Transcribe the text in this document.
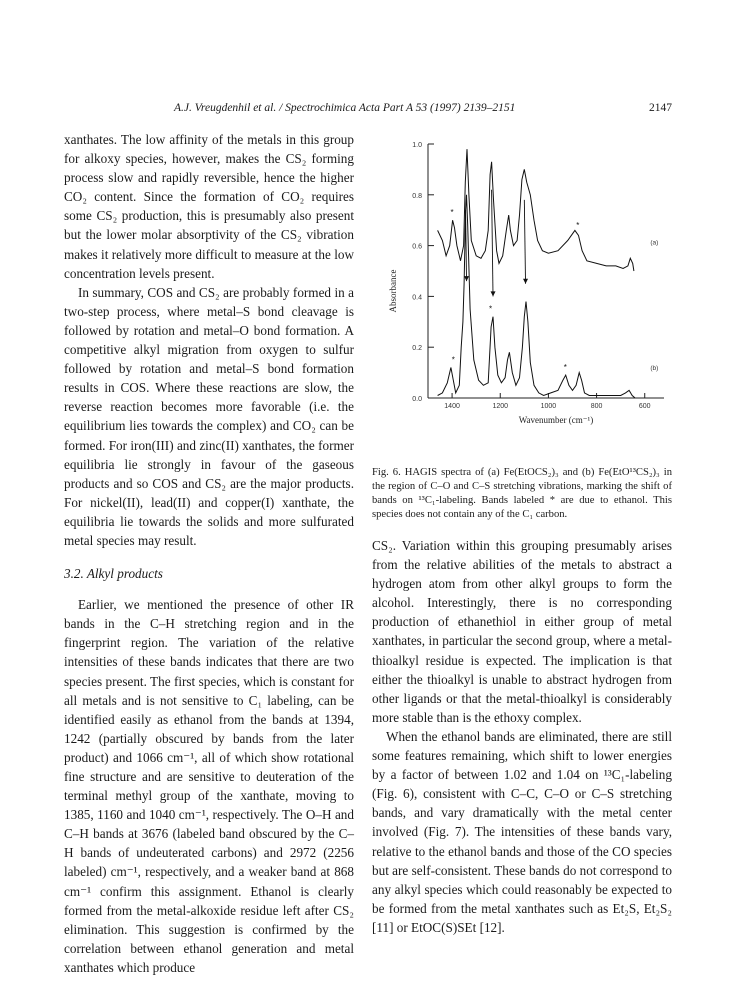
A.J. Vreugdenhil et al. / Spectrochimica Acta Part A 53 (1997) 2139–2151	2147

xanthates. The low affinity of the metals in this group for alkoxy species, however, makes the CS₂ forming process slow and rapidly reversible, hence the higher CO₂ content. Since the formation of CO₂ requires some CS₂ production, this is presumably also present but the lower molar absorptivity of the CS₂ vibration makes it relatively more difficult to measure at the low concentration levels present.

In summary, COS and CS₂ are probably formed in a two-step process, where metal–S bond cleavage is followed by rotation and metal–O bond formation. A competitive alkyl migration from oxygen to sulfur followed by rotation and metal–S bond formation results in COS. Where these reactions are slow, the reverse reaction becomes more favorable (i.e. the equilibrium lies towards the complex) and CO₂ can be formed. For iron(III) and zinc(II) xanthates, the former equilibria lie strongly in favour of the gaseous products and so COS and CS₂ are the major products. For nickel(II), lead(II) and copper(I) xanthate, the equilibria lie towards the solids and more sulfurated metal species may result.

3.2. Alkyl products

Earlier, we mentioned the presence of other IR bands in the C–H stretching region and in the fingerprint region. The variation of the relative intensities of these bands indicates that there are two species present. The first species, which is constant for all metals and is not sensitive to C₁ labeling, can be identified easily as ethanol from the bands at 1394, 1242 (partially obscured by bands from the later product) and 1066 cm⁻¹, all of which show rotational fine structure and are sensitive to deuteration of the terminal methyl group of the xanthate, moving to 1385, 1160 and 1040 cm⁻¹, respectively. The O–H and C–H bands at 3676 (labeled band obscured by the C–H bands of undeuterated carbons) and 2972 (2256 labeled) cm⁻¹, respectively, and a weaker band at 868 cm⁻¹ confirm this assignment. Ethanol is clearly formed from the metal-alkoxide residue left after CS₂ elimination. This suggestion is confirmed by the correlation between ethanol generation and metal xanthates which produce

0.0
0.2
0.4
0.6
0.8
1.0
1400	1200	1000	800	600
Wavenumber (cm⁻¹)
Absorbance
(a)
(b)
*
*
*
*
*
Fig. 6. HAGIS spectra of (a) Fe(EtOCS₂)₃ and (b) Fe(EtO¹³CS₂)₃ in the region of C–O and C–S stretching vibrations, marking the shift of bands on ¹³C₁-labeling. Bands labeled * are due to ethanol. This species does not contain any of the C₁ carbon.

CS₂. Variation within this grouping presumably arises from the relative abilities of the metals to abstract a hydrogen atom from other alkyl groups to form the alcohol. Interestingly, there is no corresponding production of ethanethiol in either group of metal xanthates, in particular the second group, where a metal-thioalkyl residue is expected. The implication is that either the thioalkyl is unable to abstract hydrogen from other ligands or that the metal-thioalkyl is considerably more stable than is the ethoxy complex.

When the ethanol bands are eliminated, there are still some features remaining, which shift to lower energies by a factor of between 1.02 and 1.04 on ¹³C₁-labeling (Fig. 6), consistent with C–C, C–O or C–S stretching bands, and vary dramatically with the metal center involved (Fig. 7). The intensities of these bands vary, relative to the ethanol bands and those of the CO species but are self-consistent. These bands do not correspond to any alkyl species which could reasonably be expected to be formed from the metal xanthates such as Et₂S, Et₂S₂ [11] or EtOC(S)SEt [12].
